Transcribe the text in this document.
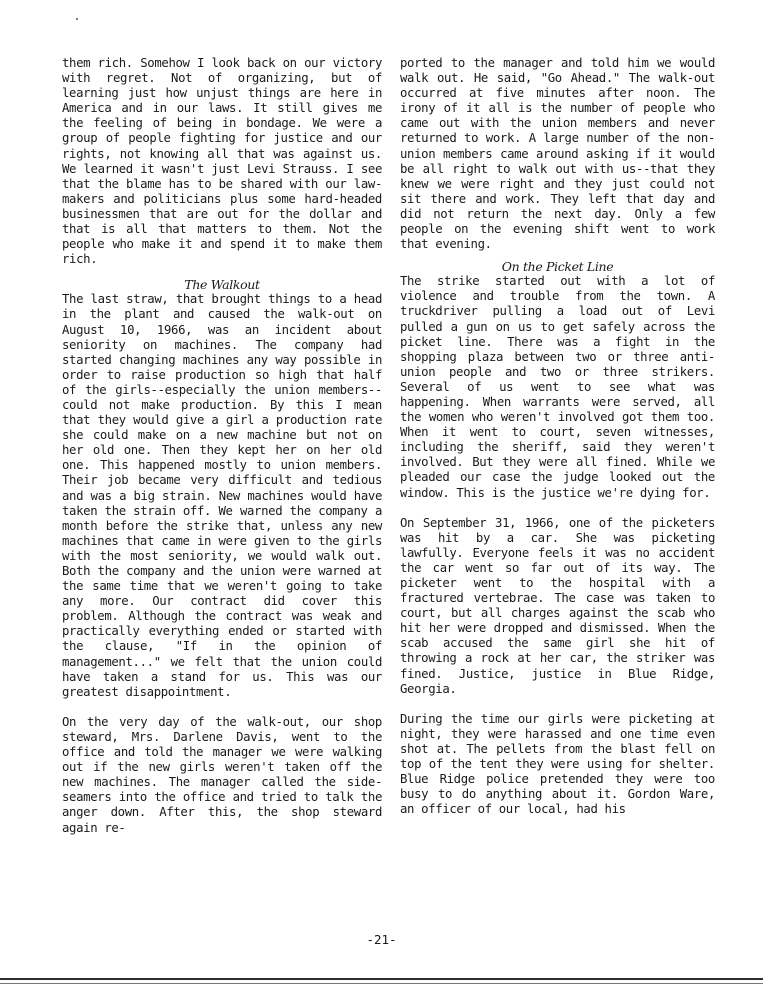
them rich. Somehow I look back on our victory with regret. Not of organizing, but of learning just how unjust things are here in America and in our laws. It still gives me the feeling of being in bondage. We were a group of people fighting for justice and our rights, not knowing all that was against us. We learned it wasn't just Levi Strauss. I see that the blame has to be shared with our law-makers and politicians plus some hard-headed businessmen that are out for the dollar and that is all that matters to them. Not the people who make it and spend it to make them rich.

The Walkout

The last straw, that brought things to a head in the plant and caused the walk-out on August 10, 1966, was an incident about seniority on machines. The company had started changing machines any way possible in order to raise production so high that half of the girls--especially the union members--could not make production. By this I mean that they would give a girl a production rate she could make on a new machine but not on her old one. Then they kept her on her old one. This happened mostly to union members. Their job became very difficult and tedious and was a big strain. New machines would have taken the strain off. We warned the company a month before the strike that, unless any new machines that came in were given to the girls with the most seniority, we would walk out. Both the company and the union were warned at the same time that we weren't going to take any more. Our contract did cover this problem. Although the contract was weak and practically everything ended or started with the clause, "If in the opinion of management..." we felt that the union could have taken a stand for us. This was our greatest disappointment.

On the very day of the walk-out, our shop steward, Mrs. Darlene Davis, went to the office and told the manager we were walking out if the new girls weren't taken off the new machines. The manager called the side-seamers into the office and tried to talk the anger down. After this, the shop steward again re-

ported to the manager and told him we would walk out. He said, "Go Ahead." The walk-out occurred at five minutes after noon. The irony of it all is the number of people who came out with the union members and never returned to work. A large number of the non-union members came around asking if it would be all right to walk out with us--that they knew we were right and they just could not sit there and work. They left that day and did not return the next day. Only a few people on the evening shift went to work that evening.

On the Picket Line

The strike started out with a lot of violence and trouble from the town. A truckdriver pulling a load out of Levi pulled a gun on us to get safely across the picket line. There was a fight in the shopping plaza between two or three anti-union people and two or three strikers. Several of us went to see what was happening. When warrants were served, all the women who weren't involved got them too. When it went to court, seven witnesses, including the sheriff, said they weren't involved. But they were all fined. While we pleaded our case the judge looked out the window. This is the justice we're dying for.

On September 31, 1966, one of the picketers was hit by a car. She was picketing lawfully. Everyone feels it was no accident the car went so far out of its way. The picketer went to the hospital with a fractured vertebrae. The case was taken to court, but all charges against the scab who hit her were dropped and dismissed. When the scab accused the same girl she hit of throwing a rock at her car, the striker was fined. Justice, justice in Blue Ridge, Georgia.

During the time our girls were picketing at night, they were harassed and one time even shot at. The pellets from the blast fell on top of the tent they were using for shelter. Blue Ridge police pretended they were too busy to do anything about it. Gordon Ware, an officer of our local, had his

-21-
